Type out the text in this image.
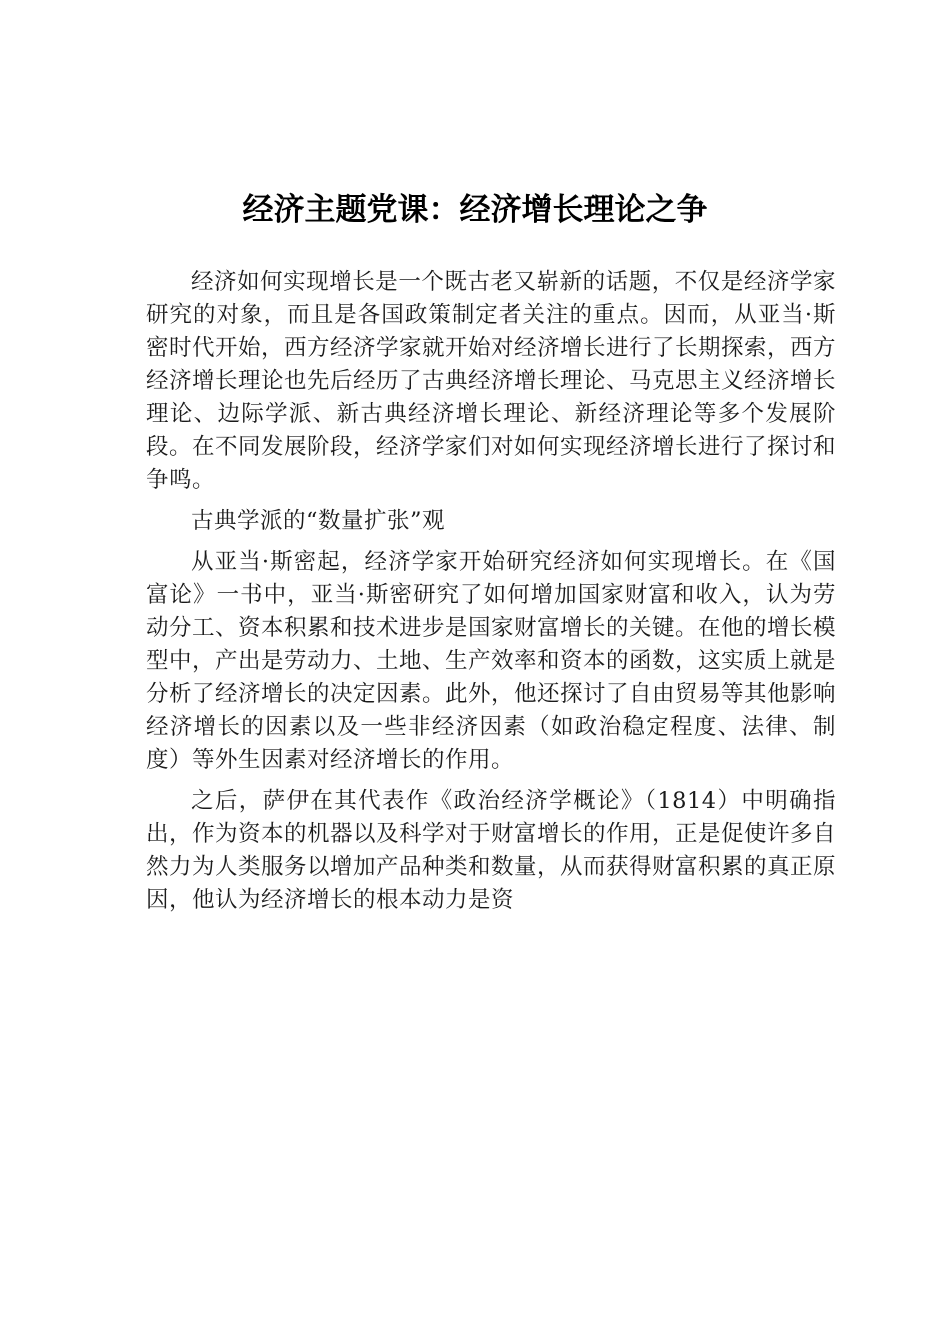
经济主题党课：经济增长理论之争

经济如何实现增长是一个既古老又崭新的话题，不仅是经济学家研究的对象，而且是各国政策制定者关注的重点。因而，从亚当·斯密时代开始，西方经济学家就开始对经济增长进行了长期探索，西方经济增长理论也先后经历了古典经济增长理论、马克思主义经济增长理论、边际学派、新古典经济增长理论、新经济理论等多个发展阶段。在不同发展阶段，经济学家们对如何实现经济增长进行了探讨和争鸣。

古典学派的“数量扩张”观

从亚当·斯密起，经济学家开始研究经济如何实现增长。在《国富论》一书中，亚当·斯密研究了如何增加国家财富和收入，认为劳动分工、资本积累和技术进步是国家财富增长的关键。在他的增长模型中，产出是劳动力、土地、生产效率和资本的函数，这实质上就是分析了经济增长的决定因素。此外，他还探讨了自由贸易等其他影响经济增长的因素以及一些非经济因素（如政治稳定程度、法律、制度）等外生因素对经济增长的作用。

之后，萨伊在其代表作《政治经济学概论》（1814）中明确指出，作为资本的机器以及科学对于财富增长的作用，正是促使许多自然力为人类服务以增加产品种类和数量，从而获得财富积累的真正原因，他认为经济增长的根本动力是资
